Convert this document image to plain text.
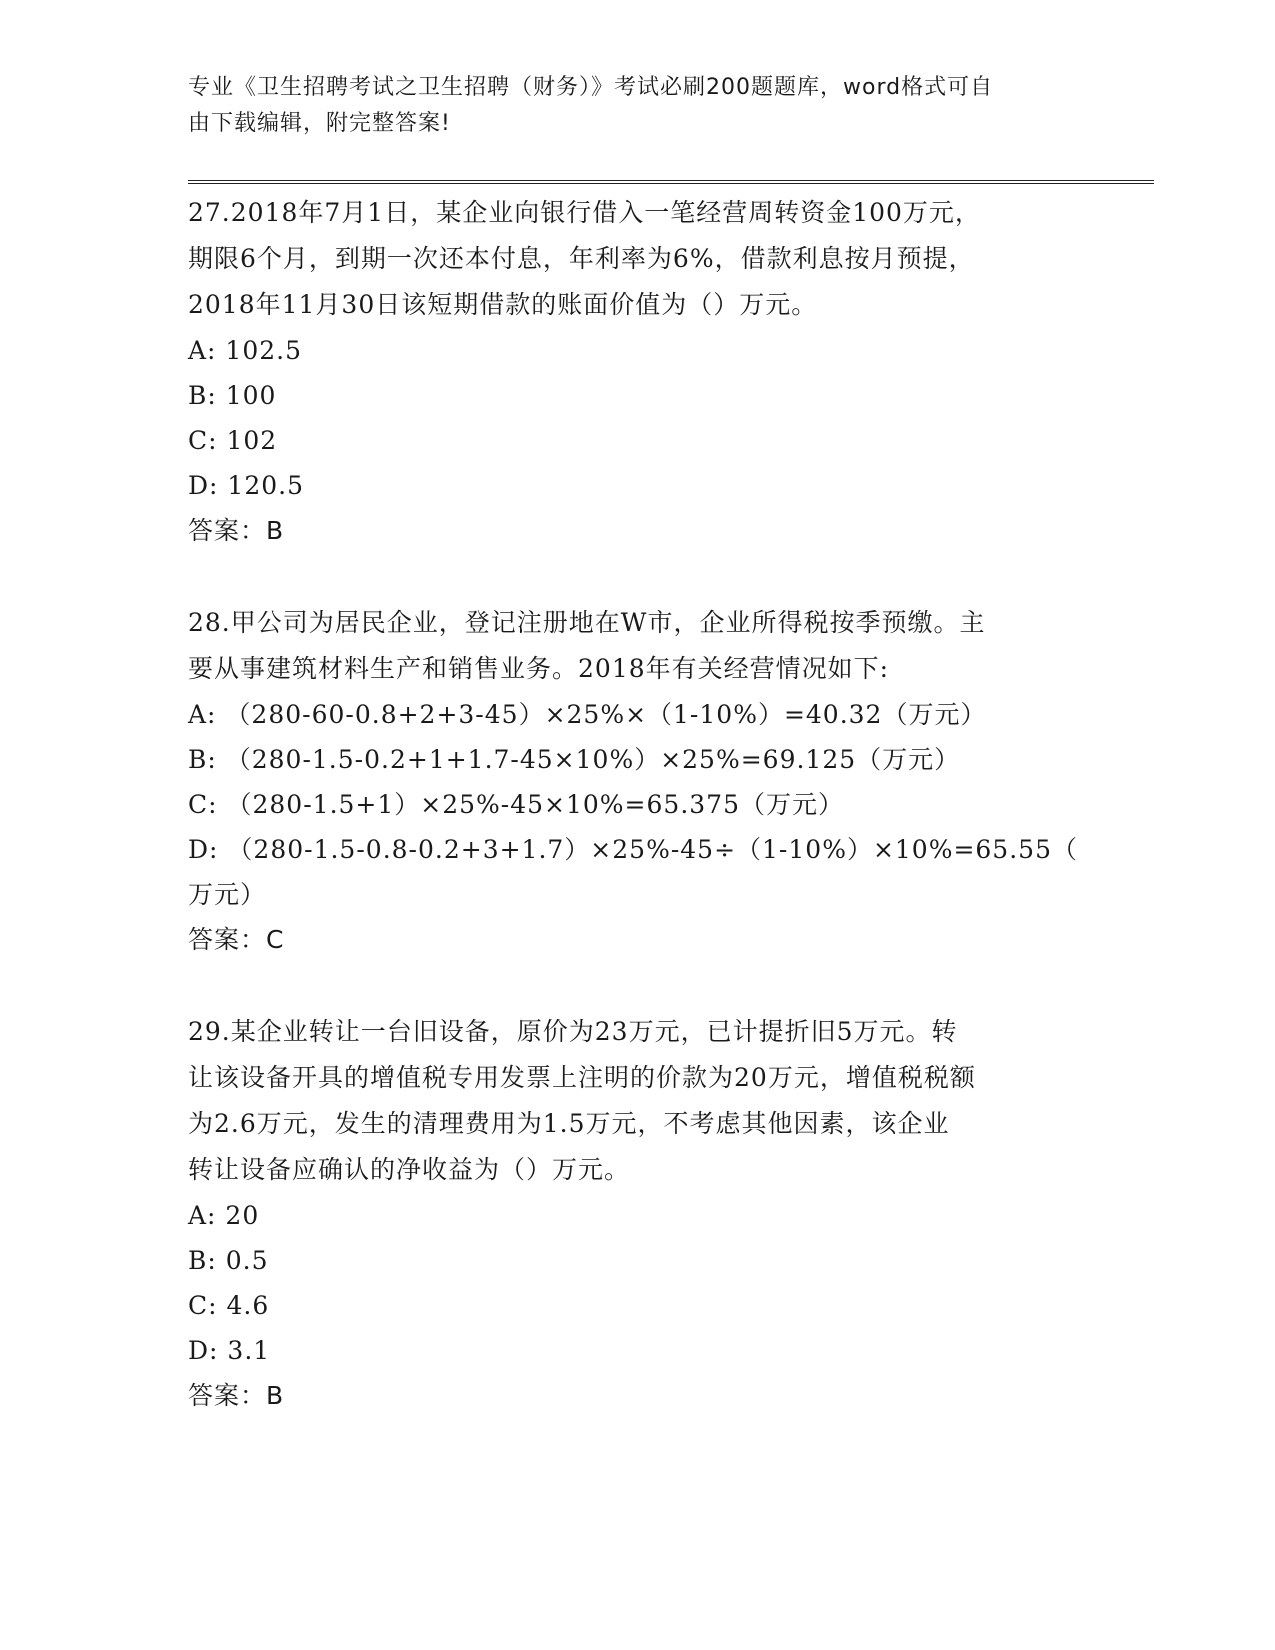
专业《卫生招聘考试之卫生招聘（财务）》考试必刷200题题库，word格式可自
由下载编辑，附完整答案!

27.2018年7月1日，某企业向银行借入一笔经营周转资金100万元，

期限6个月，到期一次还本付息，年利率为6%，借款利息按月预提，

2018年11月30日该短期借款的账面价值为（）万元。

A: 102.5

B: 100

C: 102

D: 120.5

答案：B

28.甲公司为居民企业，登记注册地在W市，企业所得税按季预缴。主

要从事建筑材料生产和销售业务。2018年有关经营情况如下:

A: （280-60-0.8+2+3-45）×25%×（1-10%）=40.32（万元）

B: （280-1.5-0.2+1+1.7-45×10%）×25%=69.125（万元）

C: （280-1.5+1）×25%-45×10%=65.375（万元）

D: （280-1.5-0.8-0.2+3+1.7）×25%-45÷（1-10%）×10%=65.55（
万元）

答案：C

29.某企业转让一台旧设备，原价为23万元，已计提折旧5万元。转

让该设备开具的增值税专用发票上注明的价款为20万元，增值税税额

为2.6万元，发生的清理费用为1.5万元，不考虑其他因素，该企业

转让设备应确认的净收益为（）万元。

A: 20

B: 0.5

C: 4.6

D: 3.1

答案：B
